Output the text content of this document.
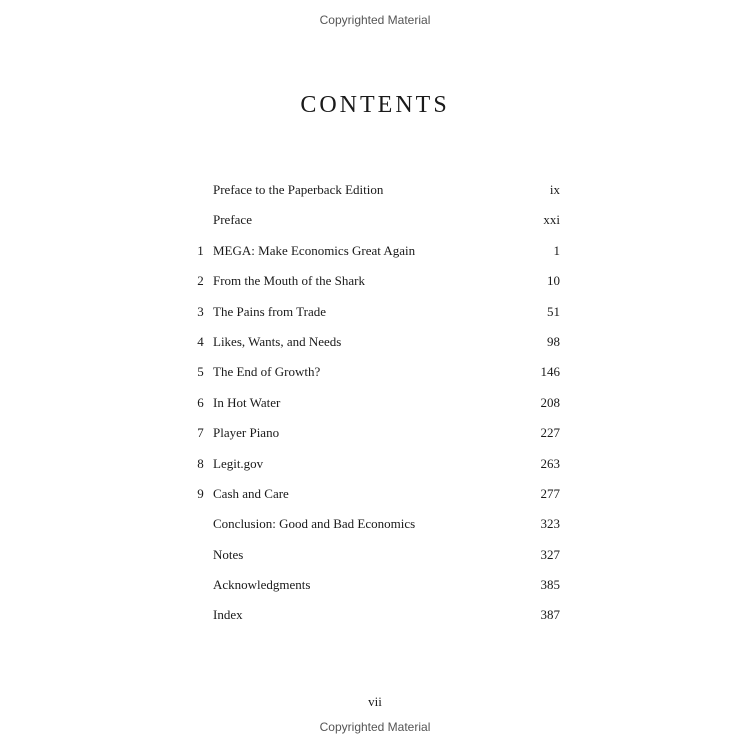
Copyrighted Material
CONTENTS
Preface to the Paperback Edition	ix
Preface	xxi
1 MEGA: Make Economics Great Again	1
2 From the Mouth of the Shark	10
3 The Pains from Trade	51
4 Likes, Wants, and Needs	98
5 The End of Growth?	146
6 In Hot Water	208
7 Player Piano	227
8 Legit.gov	263
9 Cash and Care	277
Conclusion: Good and Bad Economics	323
Notes	327
Acknowledgments	385
Index	387
vii
Copyrighted Material
